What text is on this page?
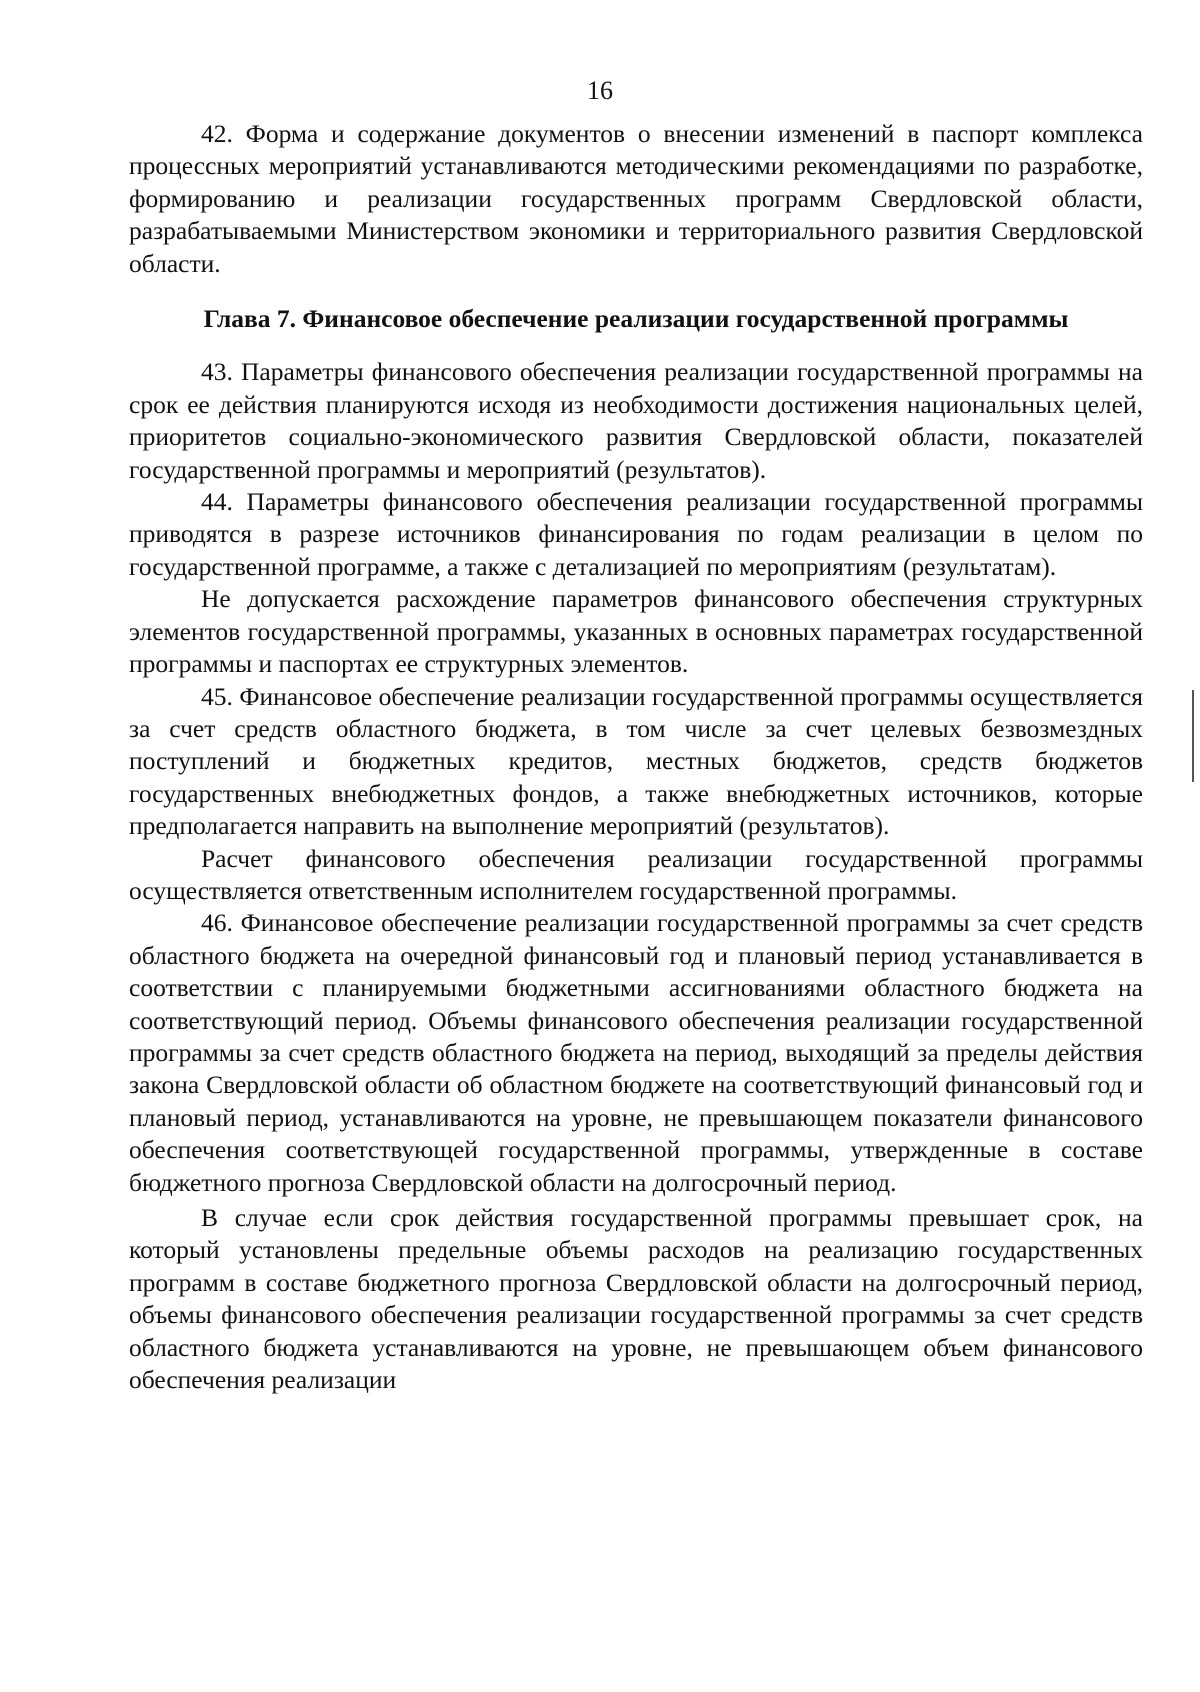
16

42. Форма и содержание документов о внесении изменений в паспорт комплекса процессных мероприятий устанавливаются методическими рекомендациями по разработке, формированию и реализации государственных программ Свердловской области, разрабатываемыми Министерством экономики и территориального развития Свердловской области.

Глава 7. Финансовое обеспечение реализации государственной программы

43. Параметры финансового обеспечения реализации государственной программы на срок ее действия планируются исходя из необходимости достижения национальных целей, приоритетов социально-экономического развития Свердловской области, показателей государственной программы и мероприятий (результатов).

44. Параметры финансового обеспечения реализации государственной программы приводятся в разрезе источников финансирования по годам реализации в целом по государственной программе, а также с детализацией по мероприятиям (результатам).

Не допускается расхождение параметров финансового обеспечения структурных элементов государственной программы, указанных в основных параметрах государственной программы и паспортах ее структурных элементов.

45. Финансовое обеспечение реализации государственной программы осуществляется за счет средств областного бюджета, в том числе за счет целевых безвозмездных поступлений и бюджетных кредитов, местных бюджетов, средств бюджетов государственных внебюджетных фондов, а также внебюджетных источников, которые предполагается направить на выполнение мероприятий (результатов).

Расчет финансового обеспечения реализации государственной программы осуществляется ответственным исполнителем государственной программы.

46. Финансовое обеспечение реализации государственной программы за счет средств областного бюджета на очередной финансовый год и плановый период устанавливается в соответствии с планируемыми бюджетными ассигнованиями областного бюджета на соответствующий период. Объемы финансового обеспечения реализации государственной программы за счет средств областного бюджета на период, выходящий за пределы действия закона Свердловской области об областном бюджете на соответствующий финансовый год и плановый период, устанавливаются на уровне, не превышающем показатели финансового обеспечения соответствующей государственной программы, утвержденные в составе бюджетного прогноза Свердловской области на долгосрочный период.

В случае если срок действия государственной программы превышает срок, на который установлены предельные объемы расходов на реализацию государственных программ в составе бюджетного прогноза Свердловской области на долгосрочный период, объемы финансового обеспечения реализации государственной программы за счет средств областного бюджета устанавливаются на уровне, не превышающем объем финансового обеспечения реализации
